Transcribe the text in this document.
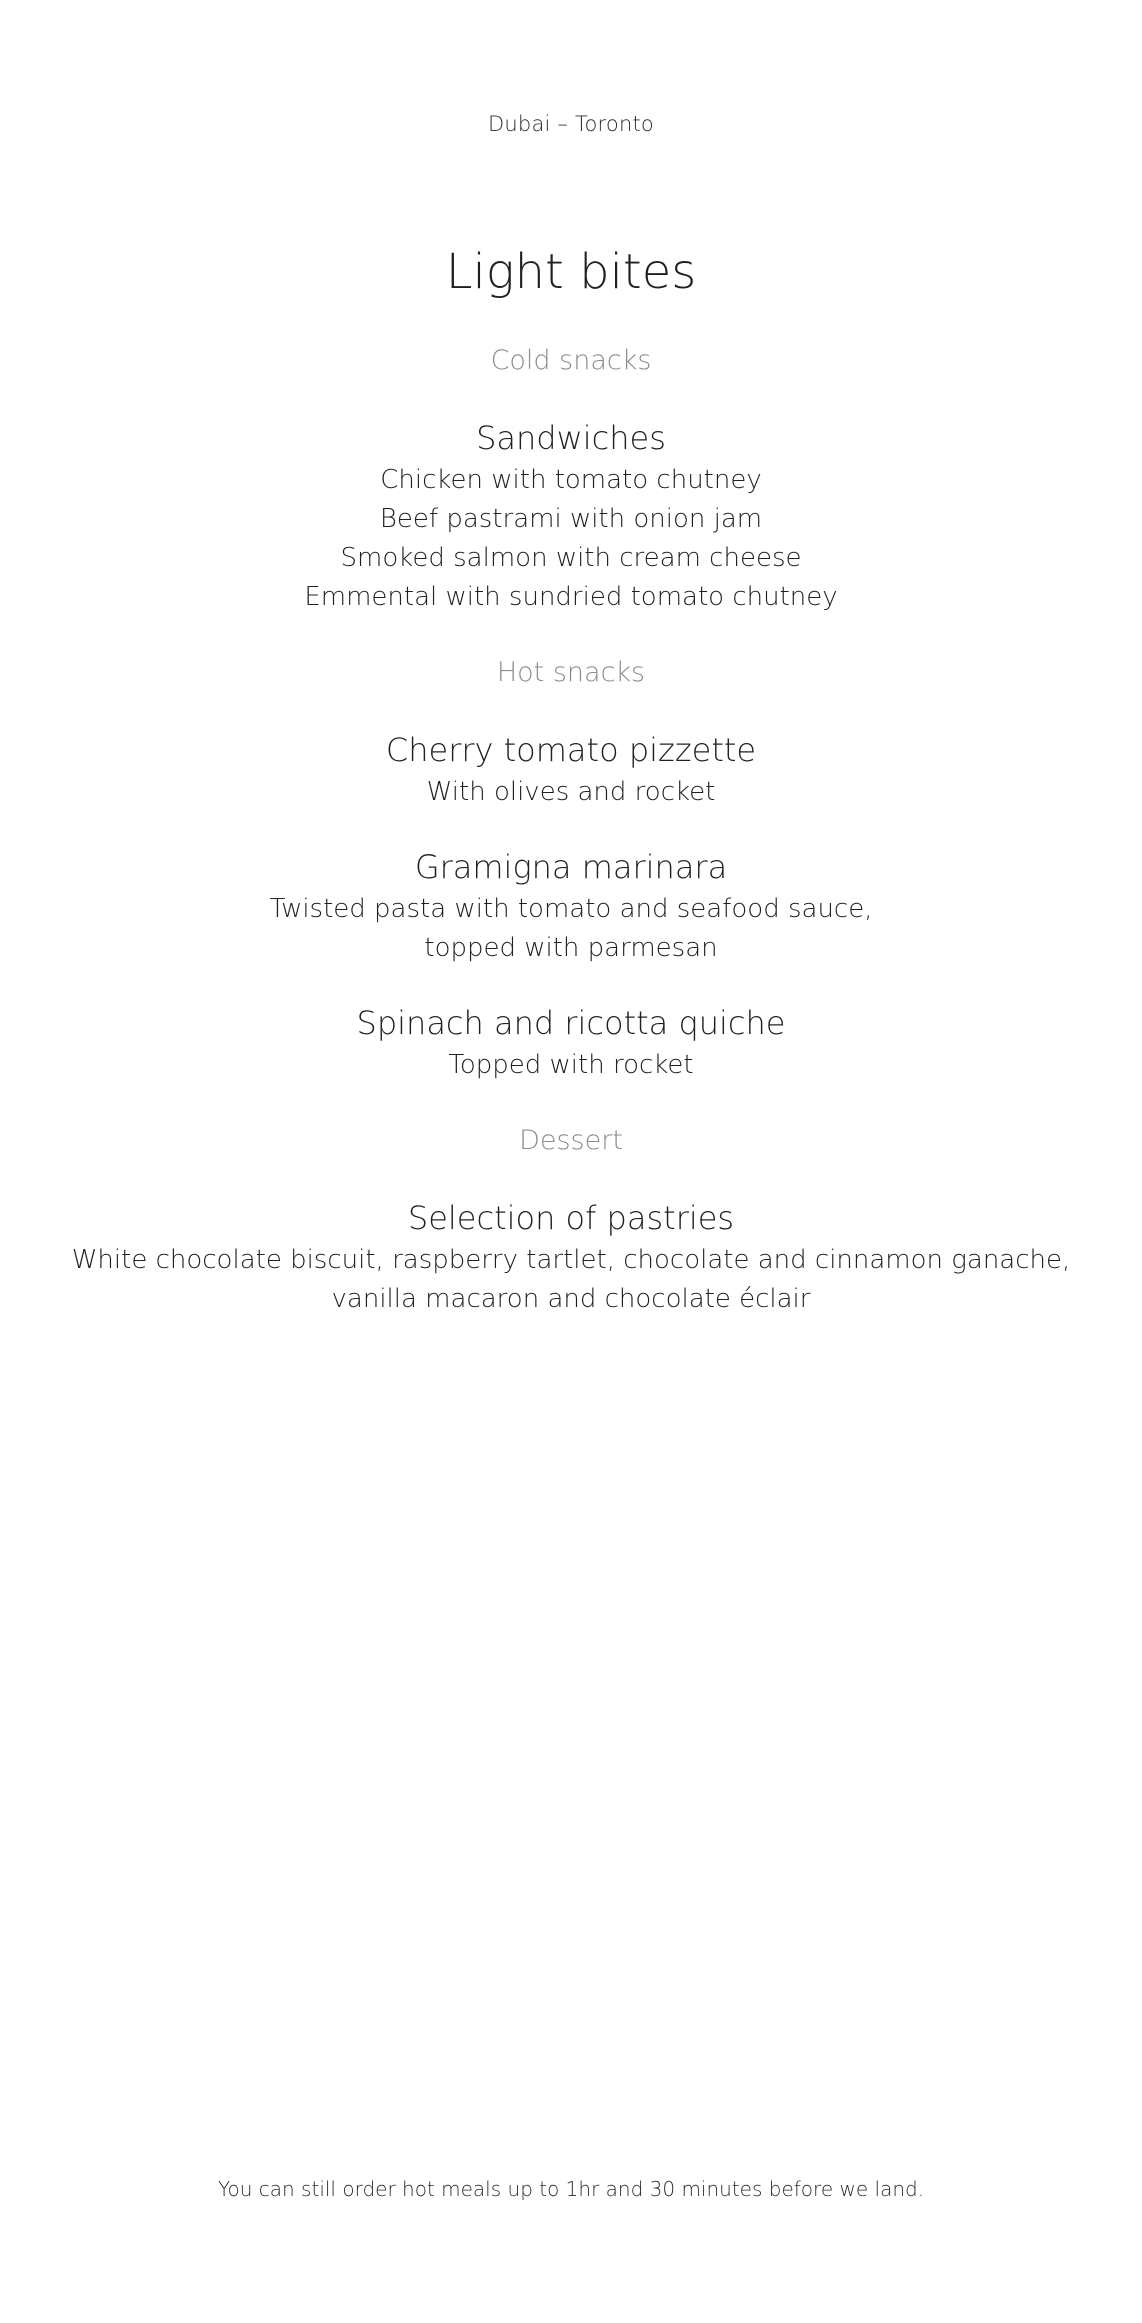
Dubai – Toronto
Light bites
Cold snacks
Sandwiches
Chicken with tomato chutney
Beef pastrami with onion jam
Smoked salmon with cream cheese
Emmental with sundried tomato chutney
Hot snacks
Cherry tomato pizzette
With olives and rocket
Gramigna marinara
Twisted pasta with tomato and seafood sauce,
topped with parmesan
Spinach and ricotta quiche
Topped with rocket
Dessert
Selection of pastries
White chocolate biscuit, raspberry tartlet, chocolate and cinnamon ganache,
vanilla macaron and chocolate éclair
You can still order hot meals up to 1hr and 30 minutes before we land.
